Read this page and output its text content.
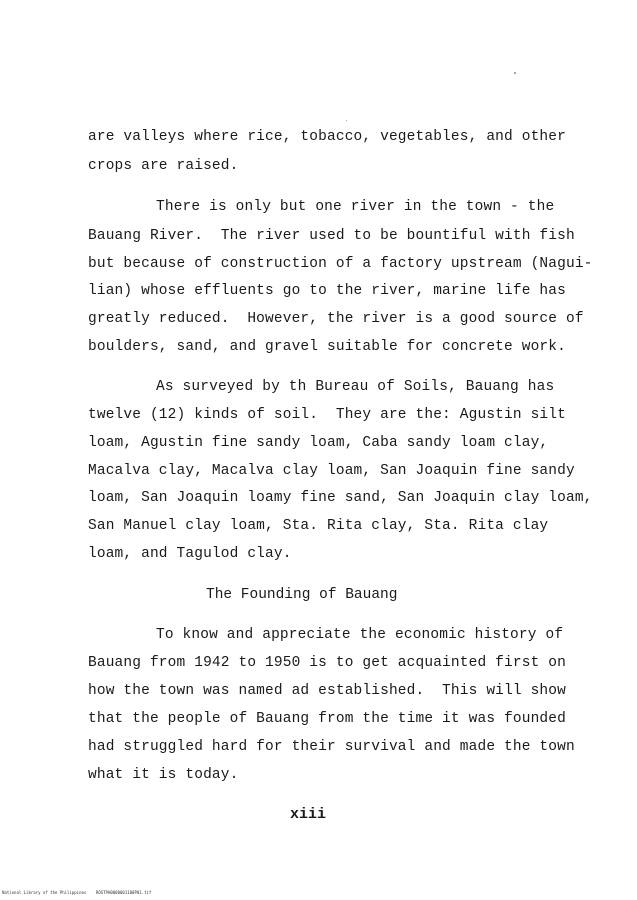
are valleys where rice, tobacco, vegetables, and other
crops are raised.
There is only but one river in the town - the
Bauang River.  The river used to be bountiful with fish
but because of construction of a factory upstream (Nagui-
lian) whose effluents go to the river, marine life has
greatly reduced.  However, the river is a good source of
boulders, sand, and gravel suitable for concrete work.
As surveyed by th Bureau of Soils, Bauang has
twelve (12) kinds of soil.  They are the: Agustin silt
loam, Agustin fine sandy loam, Caba sandy loam clay,
Macalva clay, Macalva clay loam, San Joaquin fine sandy
loam, San Joaquin loamy fine sand, San Joaquin clay loam,
San Manuel clay loam, Sta. Rita clay, Sta. Rita clay
loam, and Tagulod clay.
The Founding of Bauang
To know and appreciate the economic history of
Bauang from 1942 to 1950 is to get acquainted first on
how the town was named ad established.  This will show
that the people of Bauang from the time it was founded
had struggled hard for their survival and made the town
what it is today.
xiii
National Library of the Philippines    ROSTPH0000001100P01.tif
